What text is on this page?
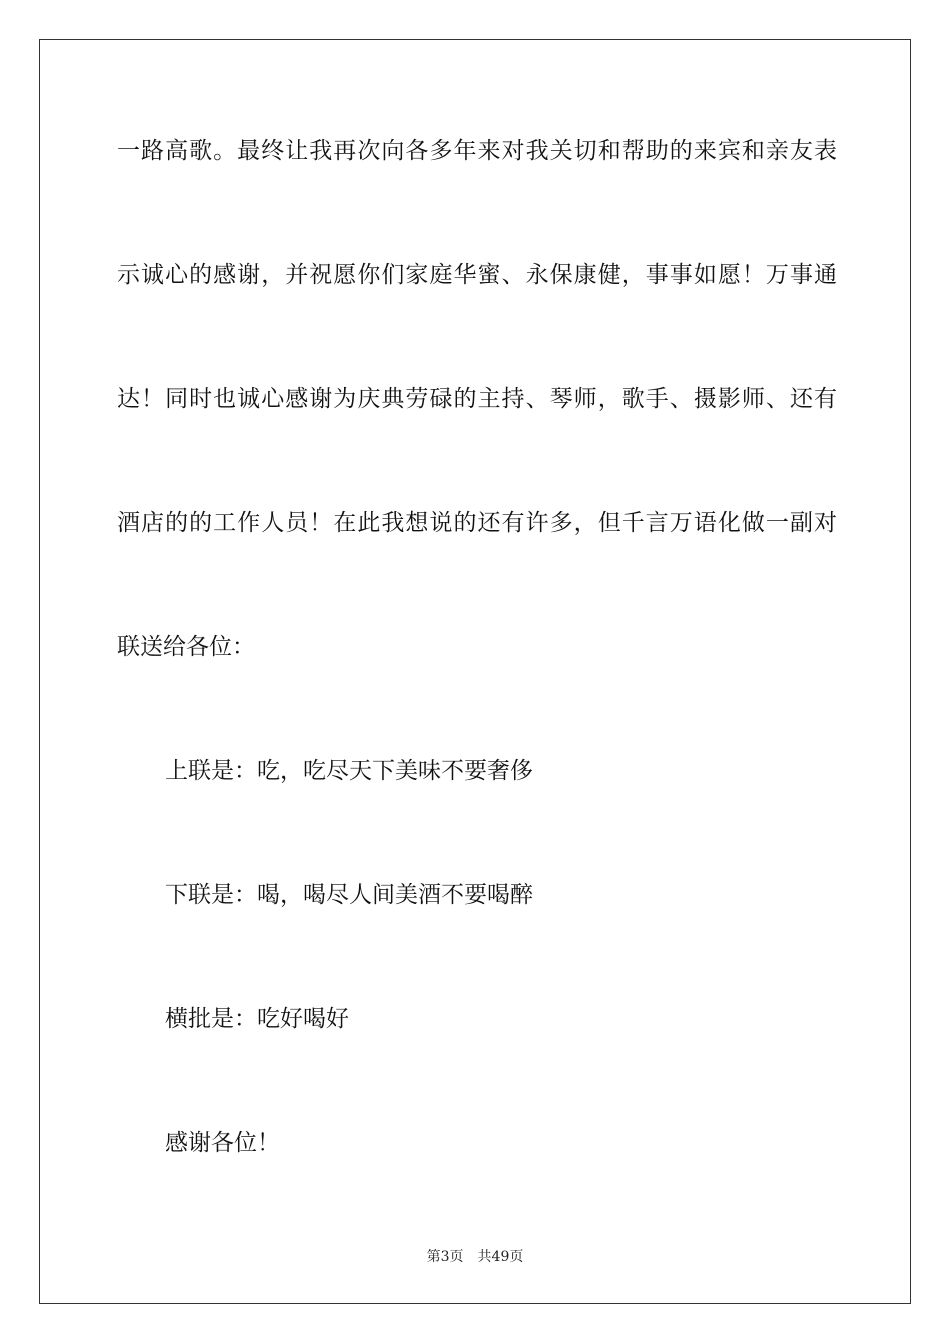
一路高歌。最终让我再次向各多年来对我关切和帮助的来宾和亲友表
示诚心的感谢，并祝愿你们家庭华蜜、永保康健，事事如愿！万事通
达！同时也诚心感谢为庆典劳碌的主持、琴师，歌手、摄影师、还有
酒店的的工作人员！在此我想说的还有许多，但千言万语化做一副对
联送给各位：
上联是：吃，吃尽天下美味不要奢侈
下联是：喝，喝尽人间美酒不要喝醉
横批是：吃好喝好
感谢各位！
第3页 共49页
